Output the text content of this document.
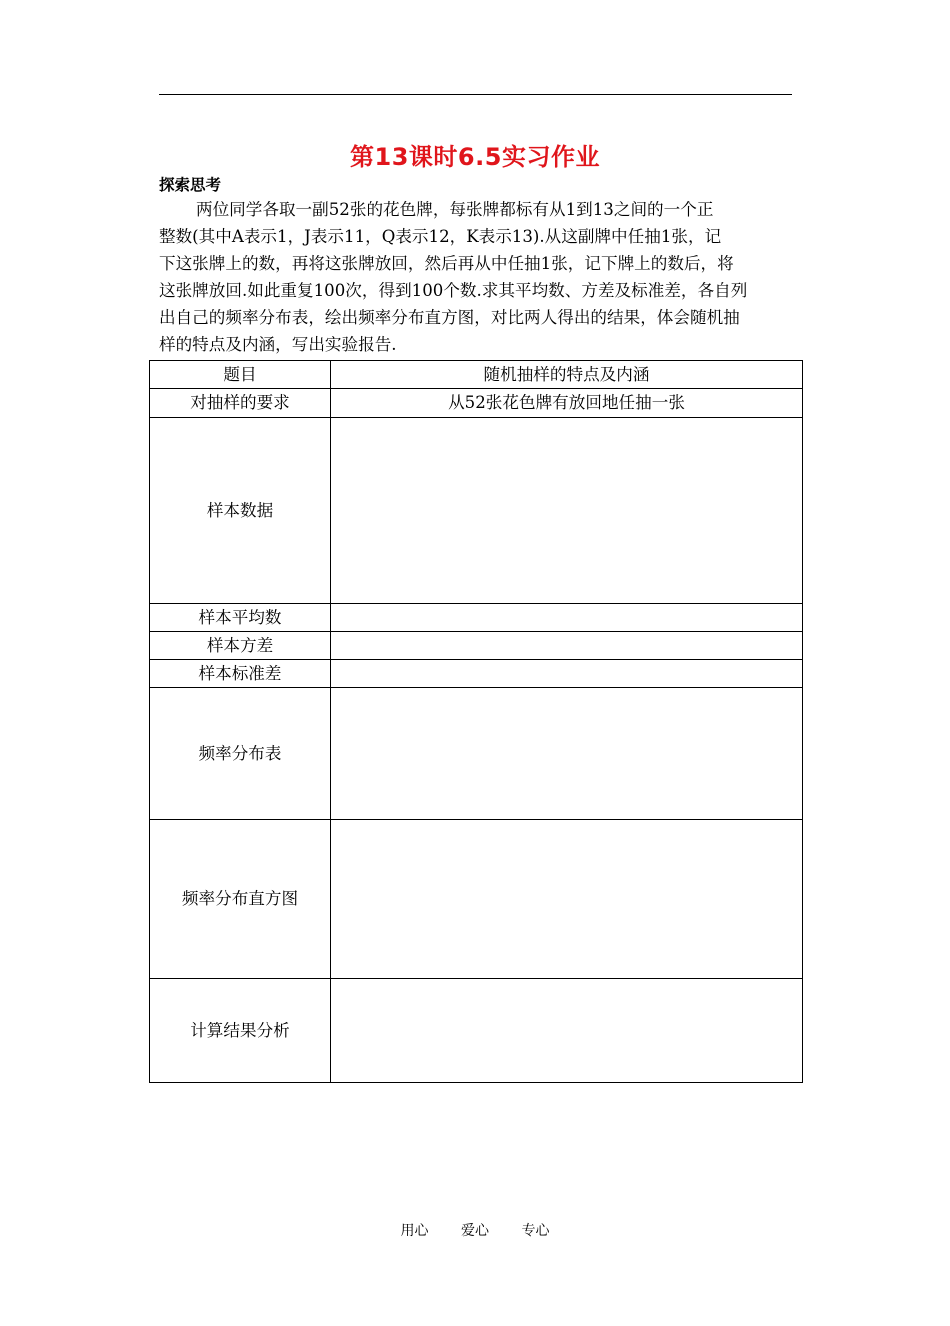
第13课时6.5实习作业
探索思考
两位同学各取一副52张的花色牌，每张牌都标有从1到13之间的一个正
整数(其中A表示1，J表示11，Q表示12，K表示13).从这副牌中任抽1张，记
下这张牌上的数，再将这张牌放回，然后再从中任抽1张，记下牌上的数后，将
这张牌放回.如此重复100次，得到100个数.求其平均数、方差及标准差，各自列
出自己的频率分布表，绘出频率分布直方图，对比两人得出的结果，体会随机抽
样的特点及内涵，写出实验报告.
题目	随机抽样的特点及内涵
对抽样的要求	从52张花色牌有放回地任抽一张
样本数据	
样本平均数	
样本方差	
样本标准差	
频率分布表	
频率分布直方图	
计算结果分析	
用心 爱心 专心
